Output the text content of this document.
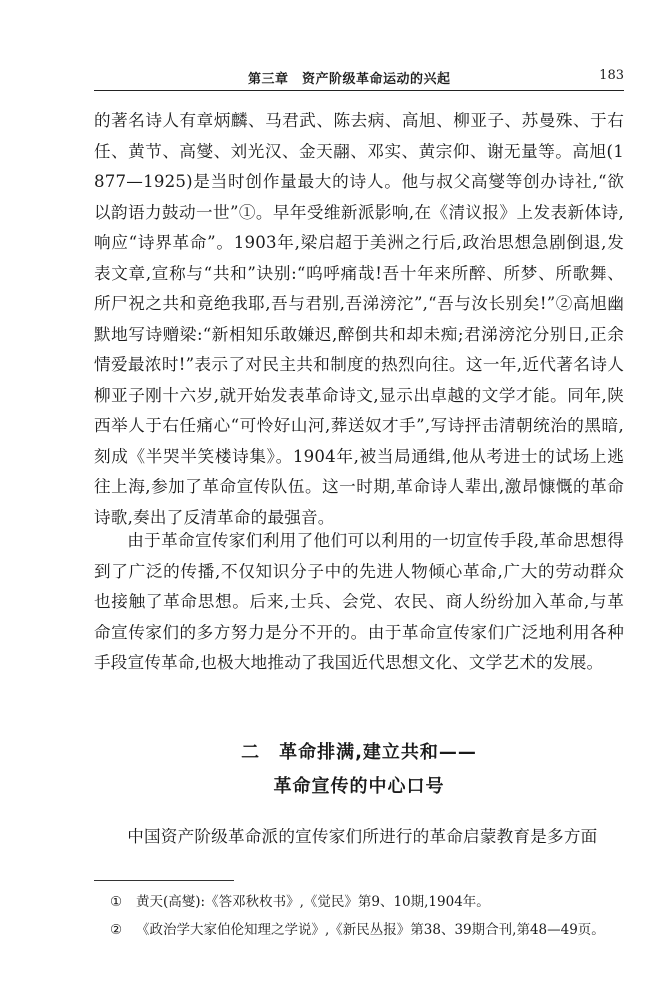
第三章　资产阶级革命运动的兴起	183

的著名诗人有章炳麟、马君武、陈去病、高旭、柳亚子、苏曼殊、于右任、黄节、高燮、刘光汉、金天翮、邓实、黄宗仰、谢无量等。高旭(1877—1925)是当时创作量最大的诗人。他与叔父高燮等创办诗社,“欲以韵语力鼓动一世”①。早年受维新派影响,在《清议报》上发表新体诗,响应“诗界革命”。1903年,梁启超于美洲之行后,政治思想急剧倒退,发表文章,宣称与“共和”诀别:“呜呼痛哉!吾十年来所醉、所梦、所歌舞、所尸祝之共和竟绝我耶,吾与君别,吾涕滂沱”,“吾与汝长别矣!”②高旭幽默地写诗赠梁:“新相知乐敢嫌迟,醉倒共和却未痴;君涕滂沱分别日,正余情爱最浓时!”表示了对民主共和制度的热烈向往。这一年,近代著名诗人柳亚子刚十六岁,就开始发表革命诗文,显示出卓越的文学才能。同年,陕西举人于右任痛心“可怜好山河,葬送奴才手”,写诗抨击清朝统治的黑暗,刻成《半哭半笑楼诗集》。1904年,被当局通缉,他从考进士的试场上逃往上海,参加了革命宣传队伍。这一时期,革命诗人辈出,激昂慷慨的革命诗歌,奏出了反清革命的最强音。

由于革命宣传家们利用了他们可以利用的一切宣传手段,革命思想得到了广泛的传播,不仅知识分子中的先进人物倾心革命,广大的劳动群众也接触了革命思想。后来,士兵、会党、农民、商人纷纷加入革命,与革命宣传家们的多方努力是分不开的。由于革命宣传家们广泛地利用各种手段宣传革命,也极大地推动了我国近代思想文化、文学艺术的发展。

二　革命排满,建立共和——
革命宣传的中心口号

中国资产阶级革命派的宣传家们所进行的革命启蒙教育是多方面

① 黄天(高燮):《答邓秋枚书》,《觉民》第9、10期,1904年。
② 《政治学大家伯伦知理之学说》,《新民丛报》第38、39期合刊,第48—49页。
